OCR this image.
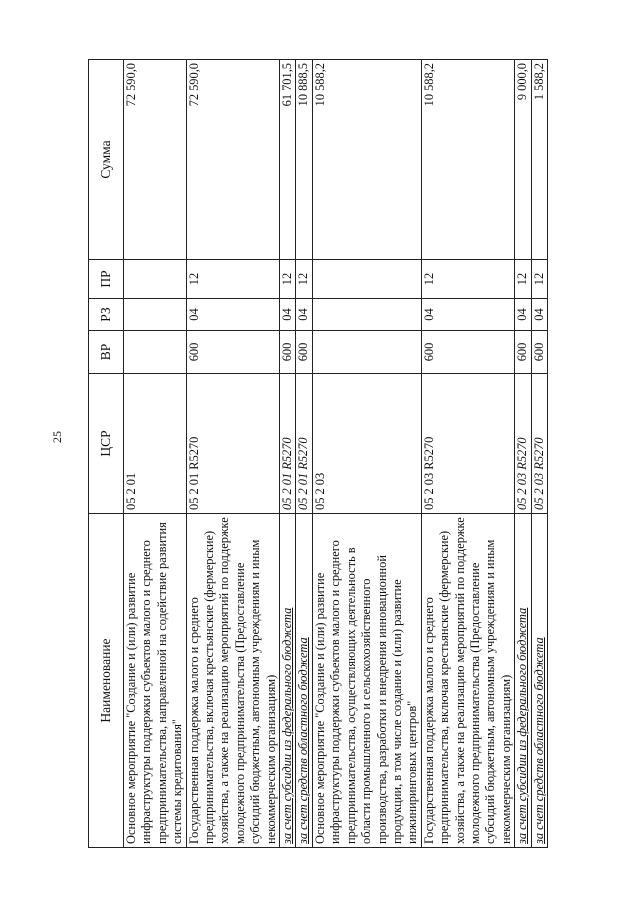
25
Наименование	ЦСР	ВР	РЗ	ПР	Сумма
Основное мероприятие "Создание и (или) развитие инфраструктуры поддержки субъектов малого и среднего предпринимательства, направленной на содействие развития системы кредитования"	05 2 01				72 590,0
Государственная поддержка малого и среднего предпринимательства, включая крестьянские (фермерские) хозяйства, а также на реализацию мероприятий по поддержке молодежного предпринимательства (Предоставление субсидий бюджетным, автономным учреждениям и иным некоммерческим организациям)	05 2 01 R5270	600	04	12	72 590,0
за счет субсидии из федерального бюджета	05 2 01 R5270	600	04	12	61 701,5
за счет средств областного бюджета	05 2 01 R5270	600	04	12	10 888,5
Основное мероприятие "Создание и (или) развитие инфраструктуры поддержки субъектов малого и среднего предпринимательства, осуществляющих деятельность в области промышленного и сельскохозяйственного производства, разработки и внедрения инновационной продукции, в том числе создание и (или) развитие инжиниринговых центров"	05 2 03				10 588,2
Государственная поддержка малого и среднего предпринимательства, включая крестьянские (фермерские) хозяйства, а также на реализацию мероприятий по поддержке молодежного предпринимательства (Предоставление субсидий бюджетным, автономным учреждениям и иным некоммерческим организациям)	05 2 03 R5270	600	04	12	10 588,2
за счет субсидии из федерального бюджета	05 2 03 R5270	600	04	12	9 000,0
за счет средств областного бюджета	05 2 03 R5270	600	04	12	1 588,2
